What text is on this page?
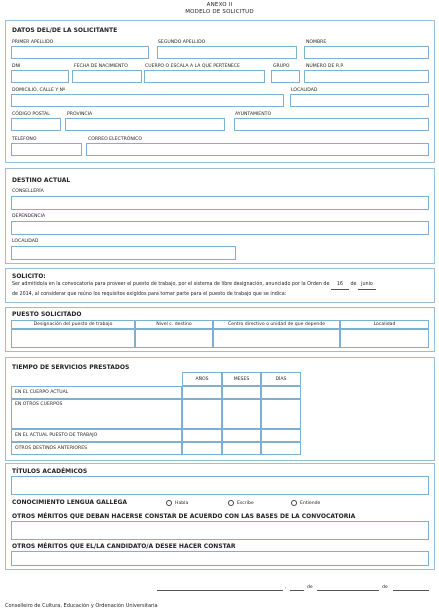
ANEXO II
MODELO DE SOLICITUD
DATOS DEL/DE LA SOLICITANTE
PRIMER APELLIDO	SEGUNDO APELLIDO	NOMBRE
DNI	FECHA DE NACIMIENTO	CUERPO O ESCALA A LA QUE PERTENECE	GRUPO	NÚMERO DE R.P.
DOMICILIO, CALLE Y Nº	LOCALIDAD
CÓDIGO POSTAL	PROVINCIA	AYUNTAMIENTO
TELÉFONO	CORREO ELECTRÓNICO
DESTINO ACTUAL
CONSELLERÍA
DEPENDENCIA
LOCALIDAD
SOLICITO:
Ser admitido/a en la convocatoria para proveer el puesto de trabajo, por el sistema de libre designación, anunciado por la Orden de 16 de junio
de 2014, al considerar que reúno los requisitos exigidos para tomar parte para el puesto de trabajo que se indica:
PUESTO SOLICITADO
Designación del puesto de trabajo	Nivel c. destino	Centro directivo o unidad de que depende	Localidad
TIEMPO DE SERVICIOS PRESTADOS
AÑOS	MESES	DÍAS
EN EL CUERPO ACTUAL
EN OTROS CUERPOS
EN EL ACTUAL PUESTO DE TRABAJO
OTROS DESTINOS ANTERIORES
TÍTULOS ACADÉMICOS
CONOCIMIENTO LENGUA GALLEGA	Habla	Escribe	Entiende
OTROS MÉRITOS QUE DEBAN HACERSE CONSTAR DE ACUERDO CON LAS BASES DE LA CONVOCATORIA
OTROS MÉRITOS QUE EL/LA CANDIDATO/A DESEE HACER CONSTAR
,	de	de
Conselleiro de Cultura, Educación y Ordenación Universitaria
